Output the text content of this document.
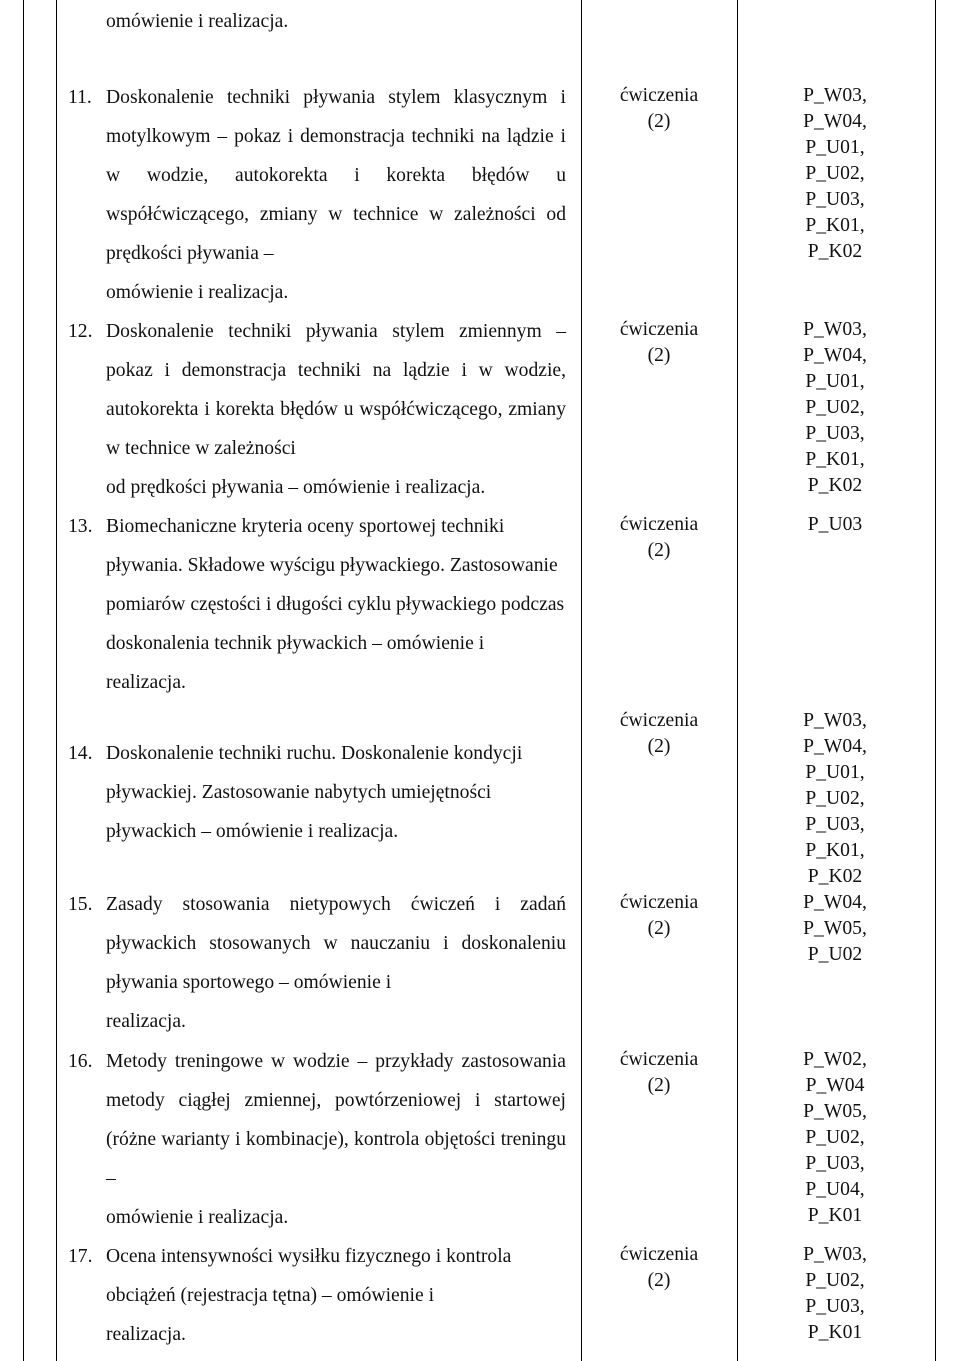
omówienie i realizacja.
11. Doskonalenie techniki pływania stylem klasycznym i motylkowym – pokaz i demonstracja techniki na lądzie i w wodzie, autokorekta i korekta błędów u współćwiczącego, zmiany w technice w zależności od prędkości pływania –
omówienie i realizacja.
ćwiczenia
(2)
P_W03,
P_W04,
P_U01,
P_U02,
P_U03,
P_K01,
P_K02
12. Doskonalenie techniki pływania stylem zmiennym – pokaz i demonstracja techniki na lądzie i w wodzie, autokorekta i korekta błędów u współćwiczącego, zmiany w technice w zależności
od prędkości pływania – omówienie i realizacja.
ćwiczenia
(2)
P_W03,
P_W04,
P_U01,
P_U02,
P_U03,
P_K01,
P_K02
13. Biomechaniczne kryteria oceny sportowej techniki pływania. Składowe wyścigu pływackiego. Zastosowanie pomiarów częstości i długości cyklu pływackiego podczas doskonalenia technik pływackich – omówienie i realizacja.
ćwiczenia
(2)
P_U03
14. Doskonalenie techniki ruchu. Doskonalenie kondycji pływackiej. Zastosowanie nabytych umiejętności pływackich – omówienie i realizacja.
ćwiczenia
(2)
P_W03,
P_W04,
P_U01,
P_U02,
P_U03,
P_K01,
P_K02
15. Zasady stosowania nietypowych ćwiczeń i zadań pływackich stosowanych w nauczaniu i doskonaleniu pływania sportowego – omówienie i
realizacja.
ćwiczenia
(2)
P_W04,
P_W05,
P_U02
16. Metody treningowe w wodzie – przykłady zastosowania metody ciągłej zmiennej, powtórzeniowej i startowej (różne warianty i kombinacje), kontrola objętości treningu –
omówienie i realizacja.
ćwiczenia
(2)
P_W02,
P_W04
P_W05,
P_U02,
P_U03,
P_U04,
P_K01
17. Ocena intensywności wysiłku fizycznego i kontrola obciążeń (rejestracja tętna) – omówienie i
realizacja.
ćwiczenia
(2)
P_W03,
P_U02,
P_U03,
P_K01
